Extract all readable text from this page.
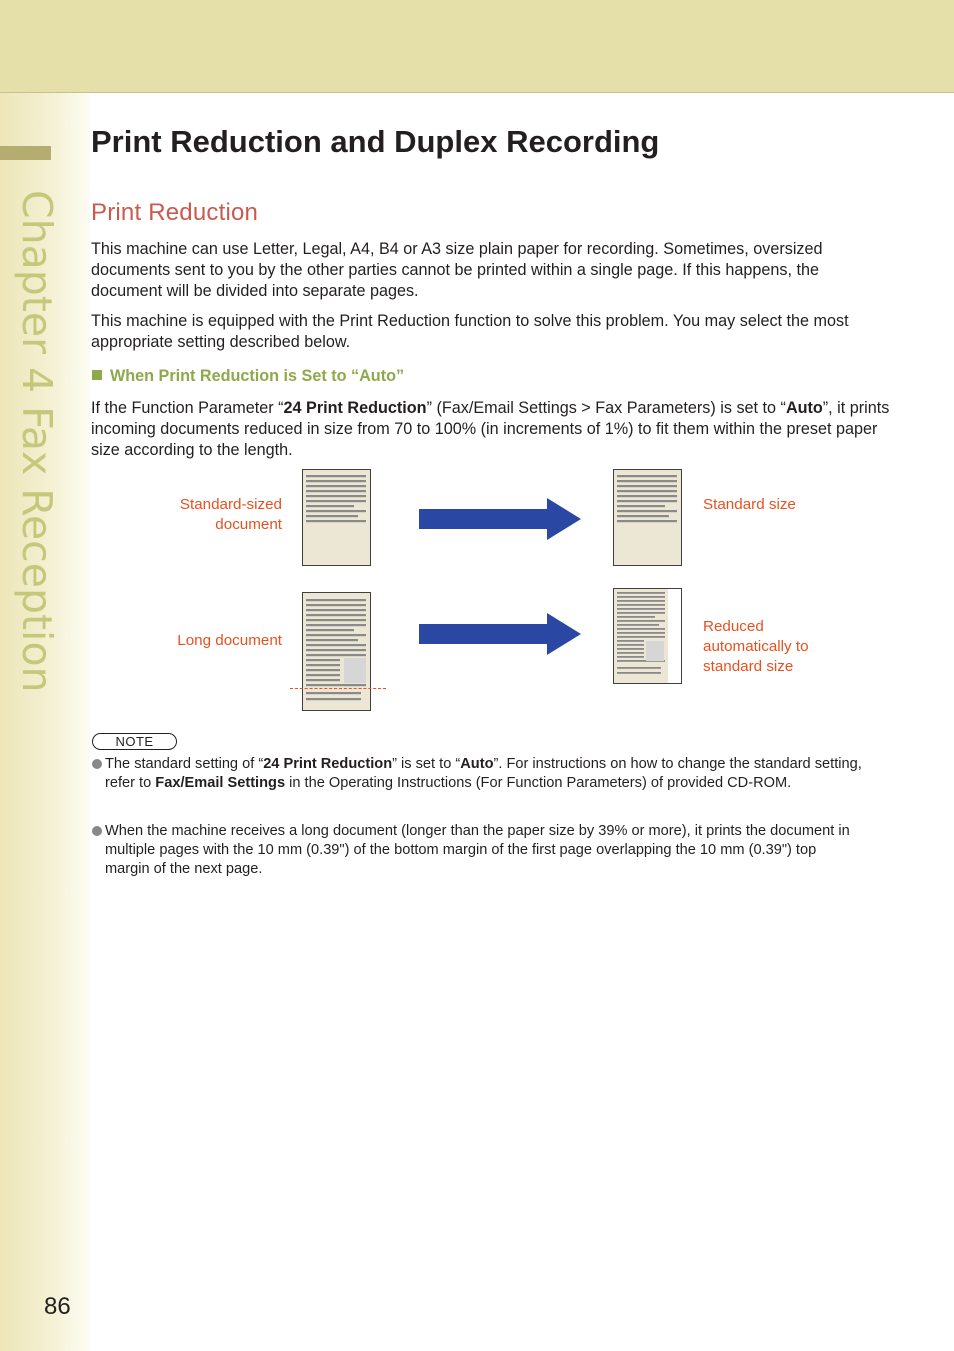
Chapter 4 Fax Reception
Print Reduction and Duplex Recording
Print Reduction

This machine can use Letter, Legal, A4, B4 or A3 size plain paper for recording. Sometimes, oversized documents sent to you by the other parties cannot be printed within a single page. If this happens, the document will be divided into separate pages.

This machine is equipped with the Print Reduction function to solve this problem. You may select the most appropriate setting described below.

When Print Reduction is Set to “Auto”

If the Function Parameter “24 Print Reduction” (Fax/Email Settings > Fax Parameters) is set to “Auto”, it prints incoming documents reduced in size from 70 to 100% (in increments of 1%) to fit them within the preset paper size according to the length.

Standard-sized document
Standard size
Long document
Reduced automatically to standard size
NOTE
The standard setting of “24 Print Reduction” is set to “Auto”. For instructions on how to change the standard setting, refer to Fax/Email Settings in the Operating Instructions (For Function Parameters) of provided CD-ROM.
When the machine receives a long document (longer than the paper size by 39% or more), it prints the document in multiple pages with the 10 mm (0.39") of the bottom margin of the first page overlapping the 10 mm (0.39") top margin of the next page.
86
